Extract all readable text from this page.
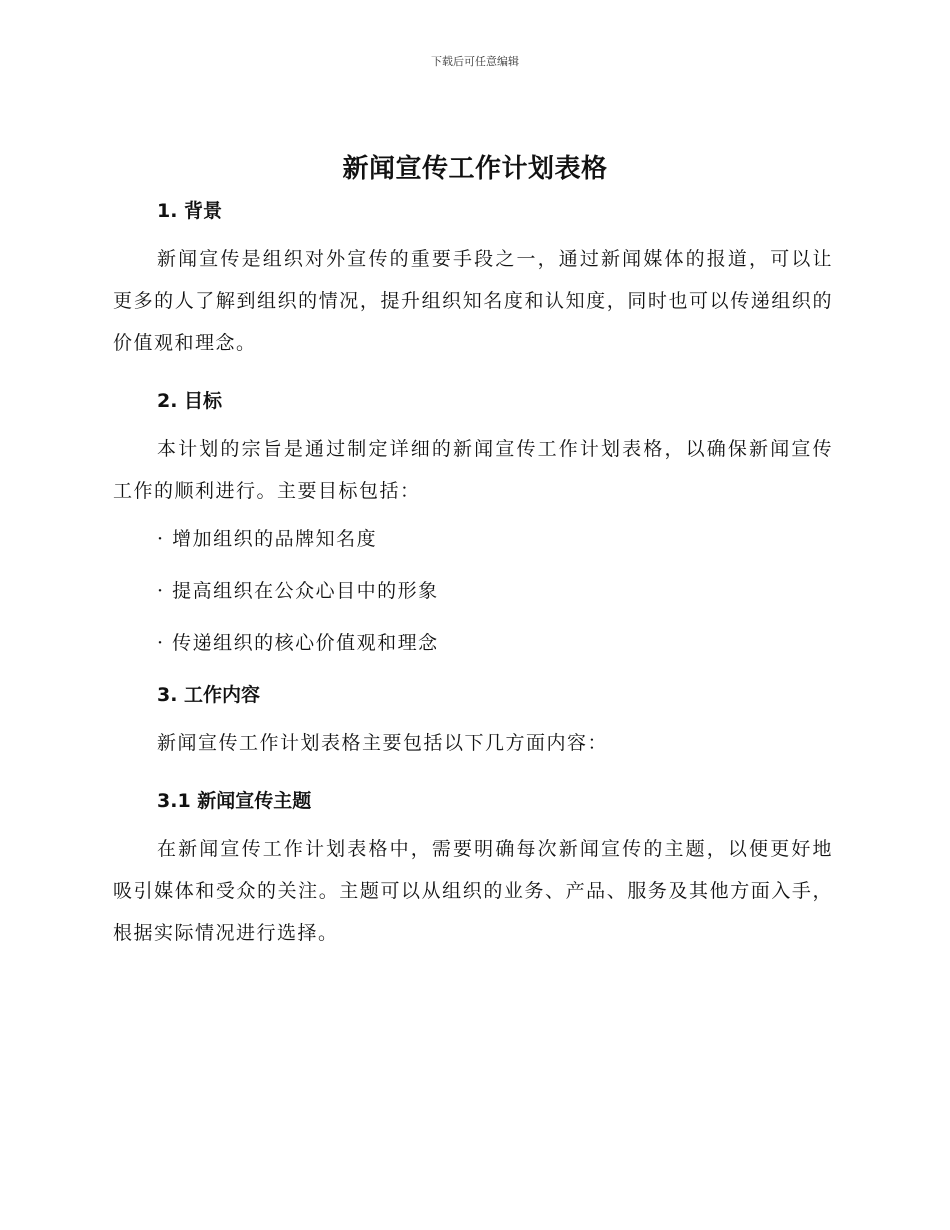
下载后可任意编辑
新闻宣传工作计划表格

1. 背景

新闻宣传是组织对外宣传的重要手段之一，通过新闻媒体的报道，可以让更多的人了解到组织的情况，提升组织知名度和认知度，同时也可以传递组织的价值观和理念。

2. 目标

本计划的宗旨是通过制定详细的新闻宣传工作计划表格，以确保新闻宣传工作的顺利进行。主要目标包括：

· 增加组织的品牌知名度

· 提高组织在公众心目中的形象

· 传递组织的核心价值观和理念

3. 工作内容

新闻宣传工作计划表格主要包括以下几方面内容：

3.1 新闻宣传主题

在新闻宣传工作计划表格中，需要明确每次新闻宣传的主题，以便更好地吸引媒体和受众的关注。主题可以从组织的业务、产品、服务及其他方面入手，根据实际情况进行选择。
